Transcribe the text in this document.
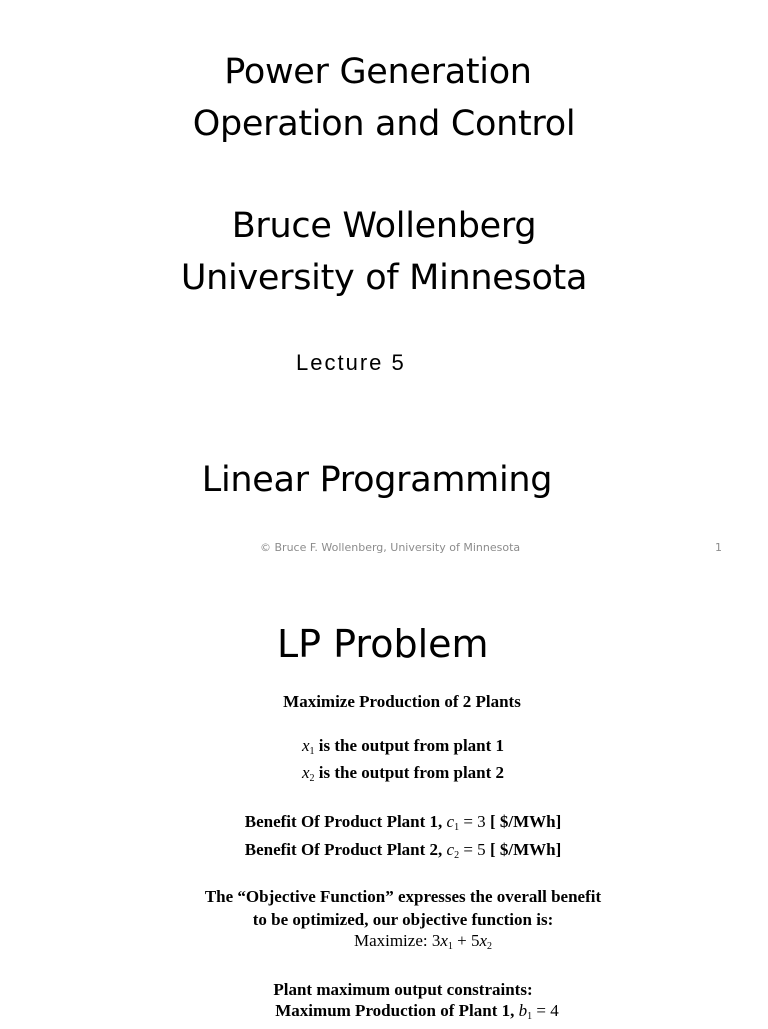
Power Generation
Operation and Control
Bruce Wollenberg
University of Minnesota
Lecture 5
Linear Programming
© Bruce F. Wollenberg, University of Minnesota	1
LP Problem
Maximize Production of 2 Plants
$x_1$ is the output from plant 1
$x_2$ is the output from plant 2
Benefit Of Product Plant 1, $c_1 = 3$ [ $/MWh]
Benefit Of Product Plant 2, $c_2 = 5$ [ $/MWh]
The “Objective Function” expresses the overall benefit
to be optimized, our objective function is:
Maximize: $3x_1 + 5x_2$
Plant maximum output constraints:
Maximum Production of Plant 1, $b_1 = 4$
